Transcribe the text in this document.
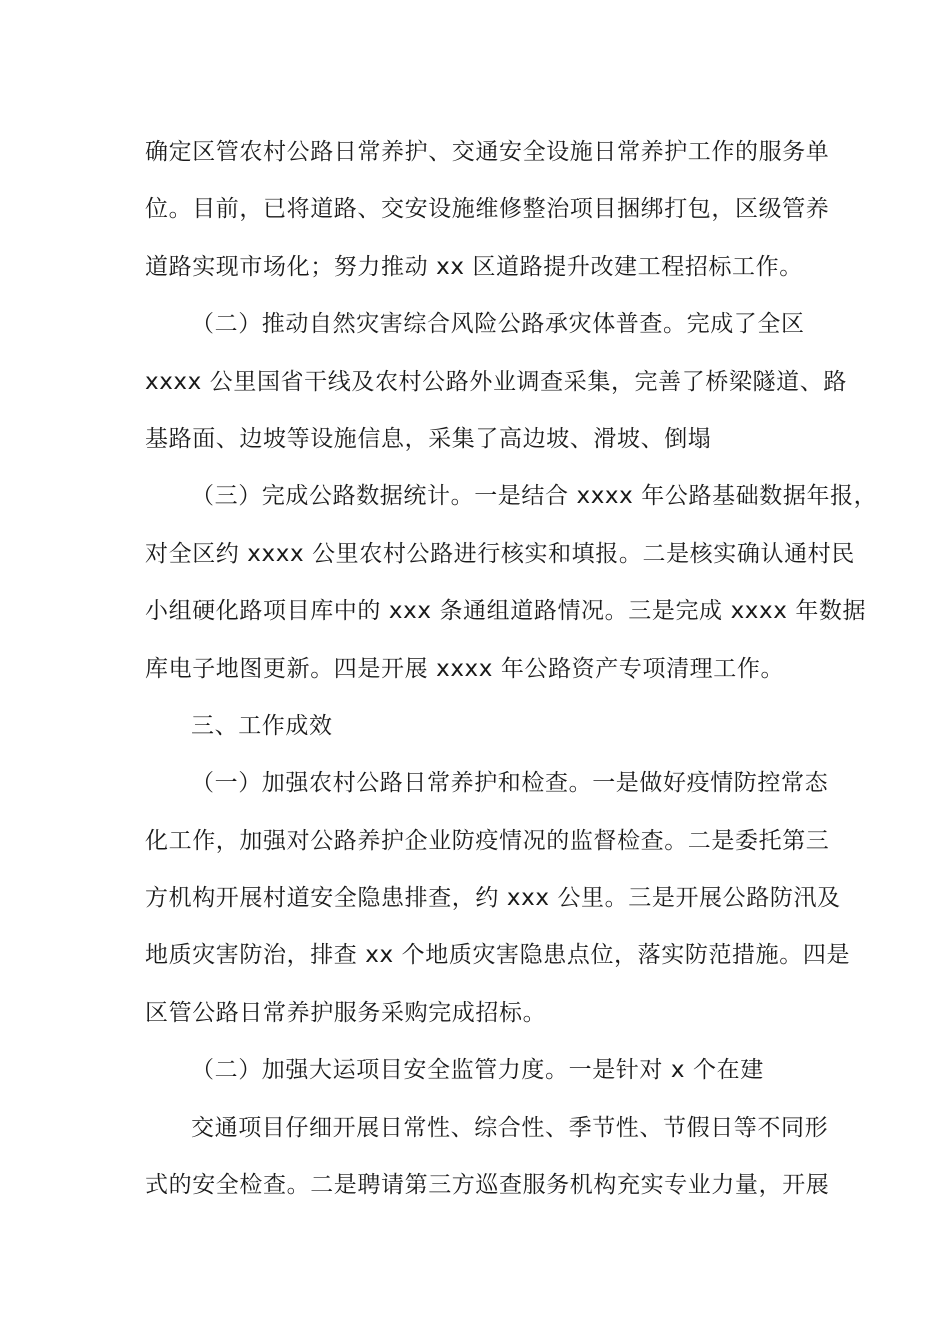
确定区管农村公路日常养护、交通安全设施日常养护工作的服务单
位。目前，已将道路、交安设施维修整治项目捆绑打包，区级管养
道路实现市场化；努力推动 xx 区道路提升改建工程招标工作。
（二）推动自然灾害综合风险公路承灾体普查。完成了全区
xxxx 公里国省干线及农村公路外业调查采集，完善了桥梁隧道、路
基路面、边坡等设施信息，采集了高边坡、滑坡、倒塌
（三）完成公路数据统计。一是结合 xxxx 年公路基础数据年报，
对全区约 xxxx 公里农村公路进行核实和填报。二是核实确认通村民
小组硬化路项目库中的 xxx 条通组道路情况。三是完成 xxxx 年数据
库电子地图更新。四是开展 xxxx 年公路资产专项清理工作。
三、工作成效
（一）加强农村公路日常养护和检查。一是做好疫情防控常态
化工作，加强对公路养护企业防疫情况的监督检查。二是委托第三
方机构开展村道安全隐患排查，约 xxx 公里。三是开展公路防汛及
地质灾害防治，排查 xx 个地质灾害隐患点位，落实防范措施。四是
区管公路日常养护服务采购完成招标。
（二）加强大运项目安全监管力度。一是针对 x 个在建
交通项目仔细开展日常性、综合性、季节性、节假日等不同形
式的安全检查。二是聘请第三方巡查服务机构充实专业力量，开展
